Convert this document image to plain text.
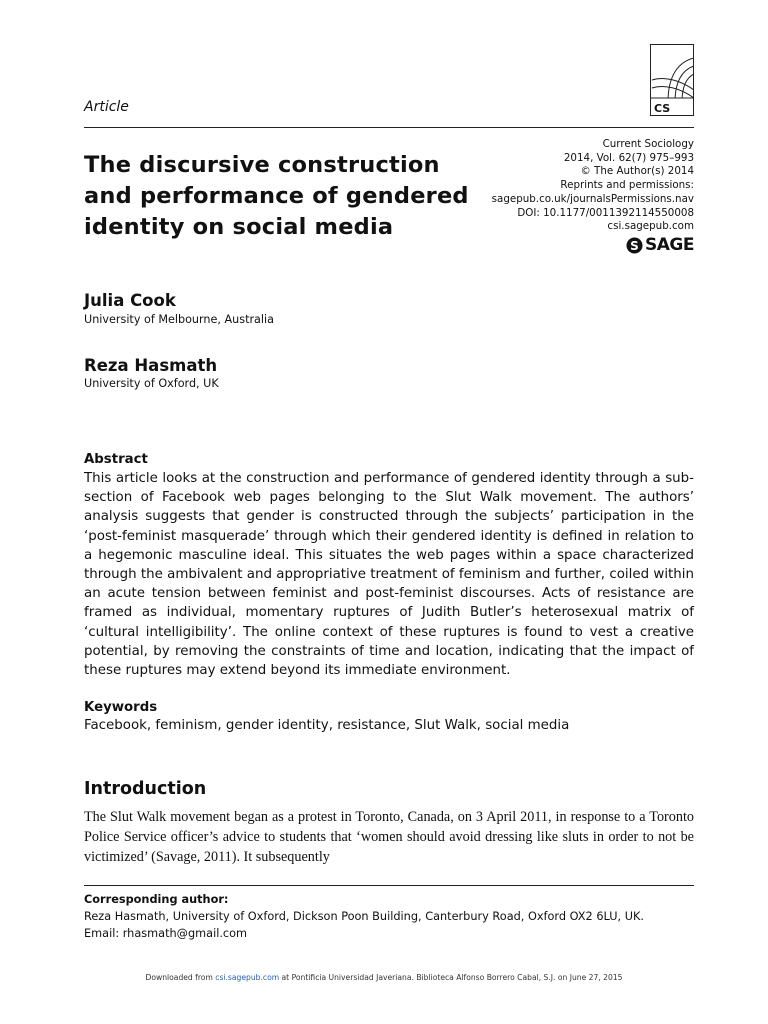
CS
Article
The discursive construction and performance of gendered identity on social media
Current Sociology
2014, Vol. 62(7) 975–993
© The Author(s) 2014
Reprints and permissions:
sagepub.co.uk/journalsPermissions.nav
DOI: 10.1177/0011392114550008
csi.sagepub.com
S SAGE
Julia Cook
University of Melbourne, Australia
Reza Hasmath
University of Oxford, UK
Abstract
This article looks at the construction and performance of gendered identity through a sub-section of Facebook web pages belonging to the Slut Walk movement. The authors’ analysis suggests that gender is constructed through the subjects’ participation in the ‘post-feminist masquerade’ through which their gendered identity is defined in relation to a hegemonic masculine ideal. This situates the web pages within a space characterized through the ambivalent and appropriative treatment of feminism and further, coiled within an acute tension between feminist and post-feminist discourses. Acts of resistance are framed as individual, momentary ruptures of Judith Butler’s heterosexual matrix of ‘cultural intelligibility’. The online context of these ruptures is found to vest a creative potential, by removing the constraints of time and location, indicating that the impact of these ruptures may extend beyond its immediate environment.
Keywords
Facebook, feminism, gender identity, resistance, Slut Walk, social media
Introduction
The Slut Walk movement began as a protest in Toronto, Canada, on 3 April 2011, in response to a Toronto Police Service officer’s advice to students that ‘women should avoid dressing like sluts in order to not be victimized’ (Savage, 2011). It subsequently
Corresponding author:
Reza Hasmath, University of Oxford, Dickson Poon Building, Canterbury Road, Oxford OX2 6LU, UK.
Email: rhasmath@gmail.com
Downloaded from csi.sagepub.com at Pontificia Universidad Javeriana. Biblioteca Alfonso Borrero Cabal, S.J. on June 27, 2015
